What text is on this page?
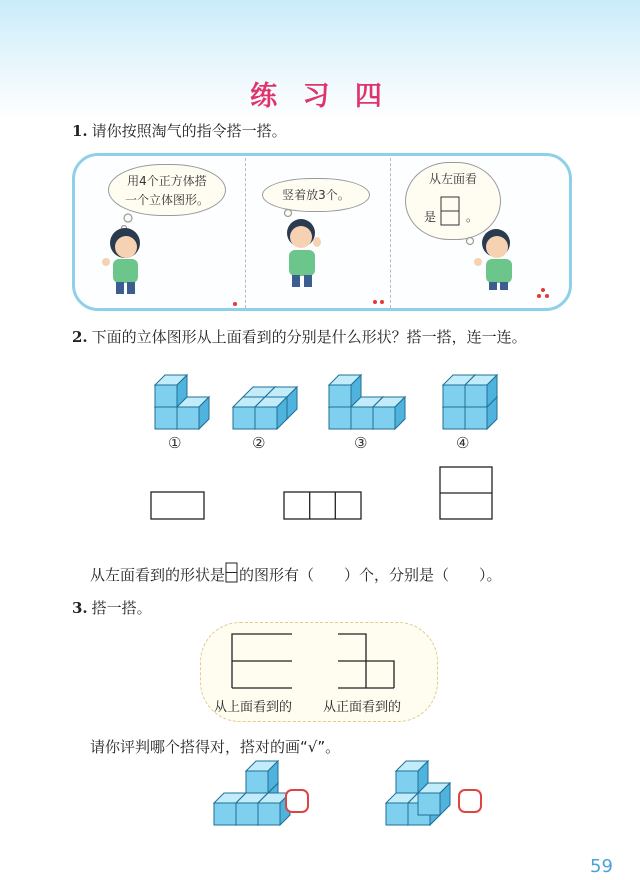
练 习 四
1. 请你按照淘气的指令搭一搭。
用4个正方体搭
一个立体图形。	竖着放3个。
从左面看
是 。
2. 下面的立体图形从上面看到的分别是什么形状？搭一搭，连一连。
①	②	③	④
从左面看到的形状是 的图形有（　　）个，分别是（　　）。
3. 搭一搭。
从上面看到的 从正面看到的
请你评判哪个搭得对，搭对的画“√”。
59
